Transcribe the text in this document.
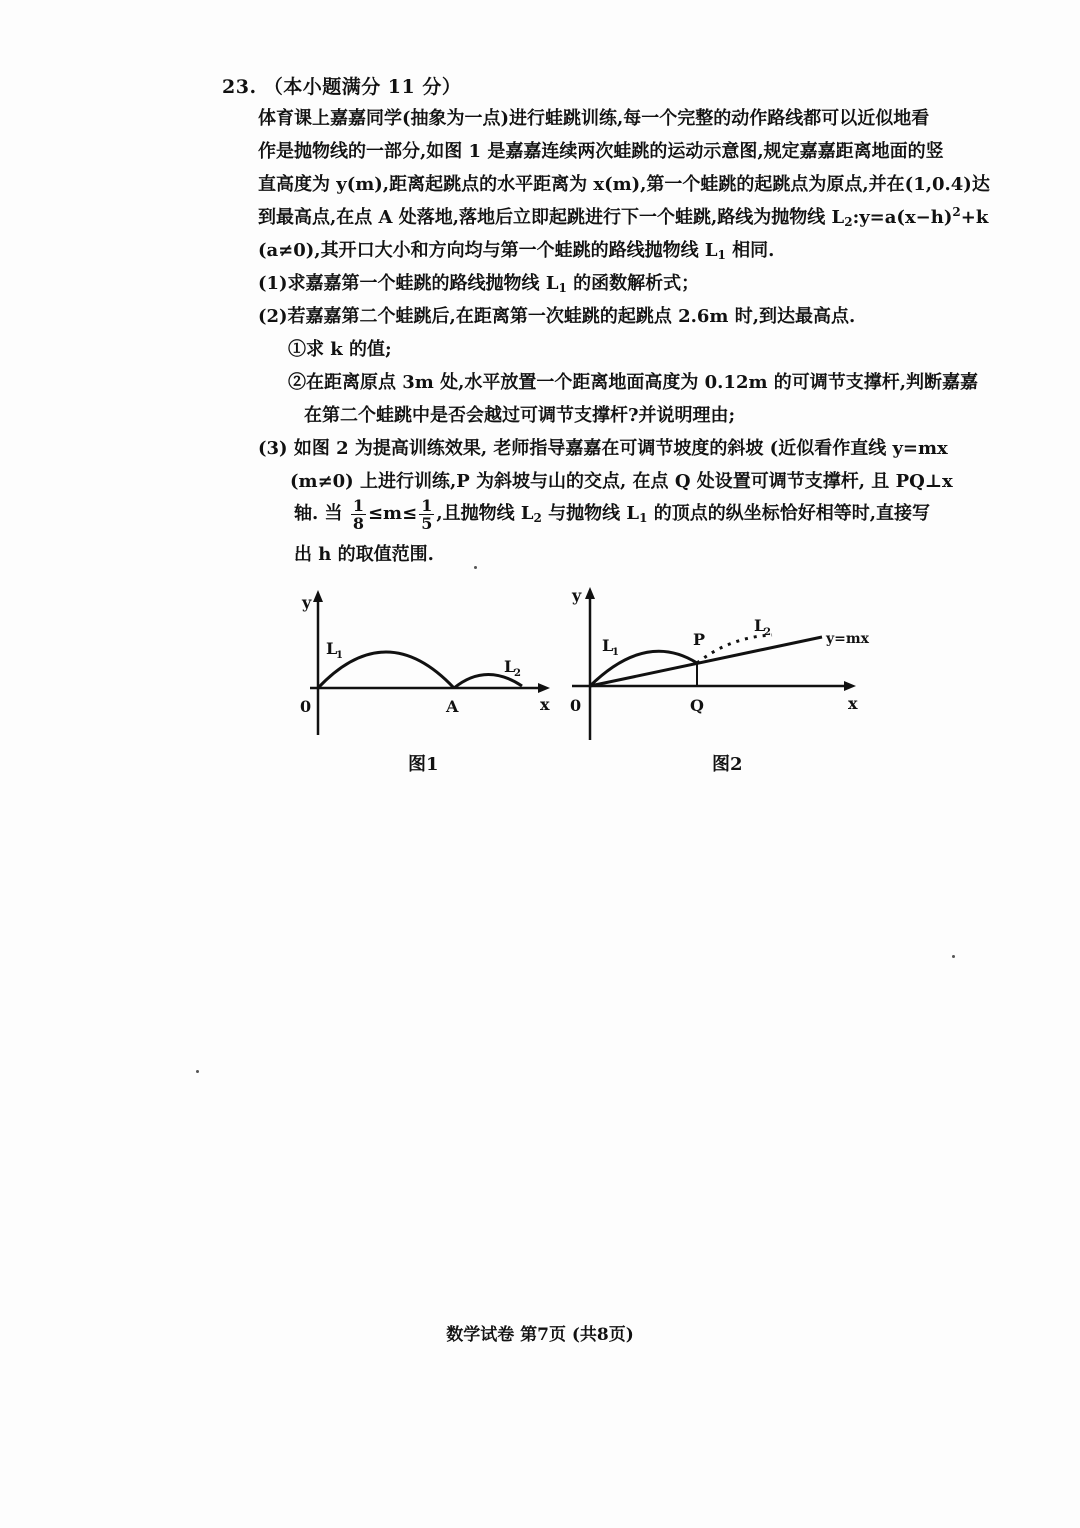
23. （本小题满分 11 分）
体育课上嘉嘉同学(抽象为一点)进行蛙跳训练,每一个完整的动作路线都可以近似地看
作是抛物线的一部分,如图 1 是嘉嘉连续两次蛙跳的运动示意图,规定嘉嘉距离地面的竖
直高度为 y(m),距离起跳点的水平距离为 x(m),第一个蛙跳的起跳点为原点,并在(1,0.4)达
到最高点,在点 A 处落地,落地后立即起跳进行下一个蛙跳,路线为抛物线 $L_2:y=a(x-h)^2+k$
(a≠0),其开口大小和方向均与第一个蛙跳的路线抛物线 $L_1$ 相同.
(1)求嘉嘉第一个蛙跳的路线抛物线 $L_1$ 的函数解析式；
(2)若嘉嘉第二个蛙跳后,在距离第一次蛙跳的起跳点 2.6m 时,到达最高点.
①求 k 的值;
②在距离原点 3m 处,水平放置一个距离地面高度为 0.12m 的可调节支撑杆,判断嘉嘉
在第二个蛙跳中是否会越过可调节支撑杆?并说明理由;
(3) 如图 2 为提高训练效果, 老师指导嘉嘉在可调节坡度的斜坡 (近似看作直线 y=mx
(m≠0) 上进行训练,P 为斜坡与山的交点, 在点 Q 处设置可调节支撑杆, 且 PQ⊥x
轴. 当 $\frac{1}{8} \le m\le \frac{1}{5}$ ,且抛物线 $L_2$ 与抛物线 $L_1$ 的顶点的纵坐标恰好相等时,直接写
出 h 的取值范围.
y
L
1
L
2
0	A	x
图1
y
L
1
P
L
2	y=mx
0	Q	x
图2
数学试卷 第7页 (共8页)
